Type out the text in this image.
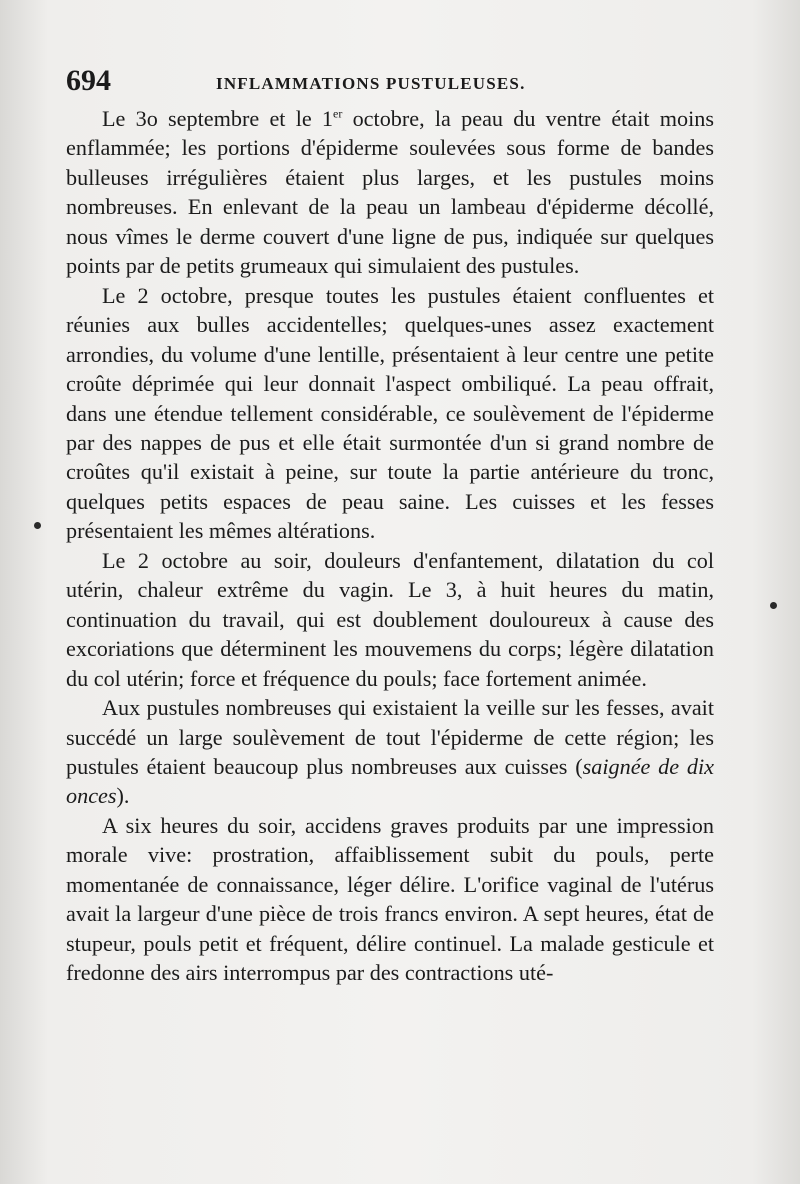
694	INFLAMMATIONS PUSTULEUSES.

Le 3o septembre et le 1er octobre, la peau du ventre était moins enflammée; les portions d'épiderme soulevées sous forme de bandes bulleuses irrégulières étaient plus larges, et les pustules moins nombreuses. En enlevant de la peau un lambeau d'épiderme décollé, nous vîmes le derme couvert d'une ligne de pus, indiquée sur quelques points par de petits grumeaux qui simulaient des pustules.

Le 2 octobre, presque toutes les pustules étaient confluentes et réunies aux bulles accidentelles; quelques-unes assez exactement arrondies, du volume d'une lentille, présentaient à leur centre une petite croûte déprimée qui leur donnait l'aspect ombiliqué. La peau offrait, dans une étendue tellement considérable, ce soulèvement de l'épiderme par des nappes de pus et elle était surmontée d'un si grand nombre de croûtes qu'il existait à peine, sur toute la partie antérieure du tronc, quelques petits espaces de peau saine. Les cuisses et les fesses présentaient les mêmes altérations.

Le 2 octobre au soir, douleurs d'enfantement, dilatation du col utérin, chaleur extrême du vagin. Le 3, à huit heures du matin, continuation du travail, qui est doublement douloureux à cause des excoriations que déterminent les mouvemens du corps; légère dilatation du col utérin; force et fréquence du pouls; face fortement animée.

Aux pustules nombreuses qui existaient la veille sur les fesses, avait succédé un large soulèvement de tout l'épiderme de cette région; les pustules étaient beaucoup plus nombreuses aux cuisses (saignée de dix onces).

A six heures du soir, accidens graves produits par une impression morale vive: prostration, affaiblissement subit du pouls, perte momentanée de connaissance, léger délire. L'orifice vaginal de l'utérus avait la largeur d'une pièce de trois francs environ. A sept heures, état de stupeur, pouls petit et fréquent, délire continuel. La malade gesticule et fredonne des airs interrompus par des contractions uté-
